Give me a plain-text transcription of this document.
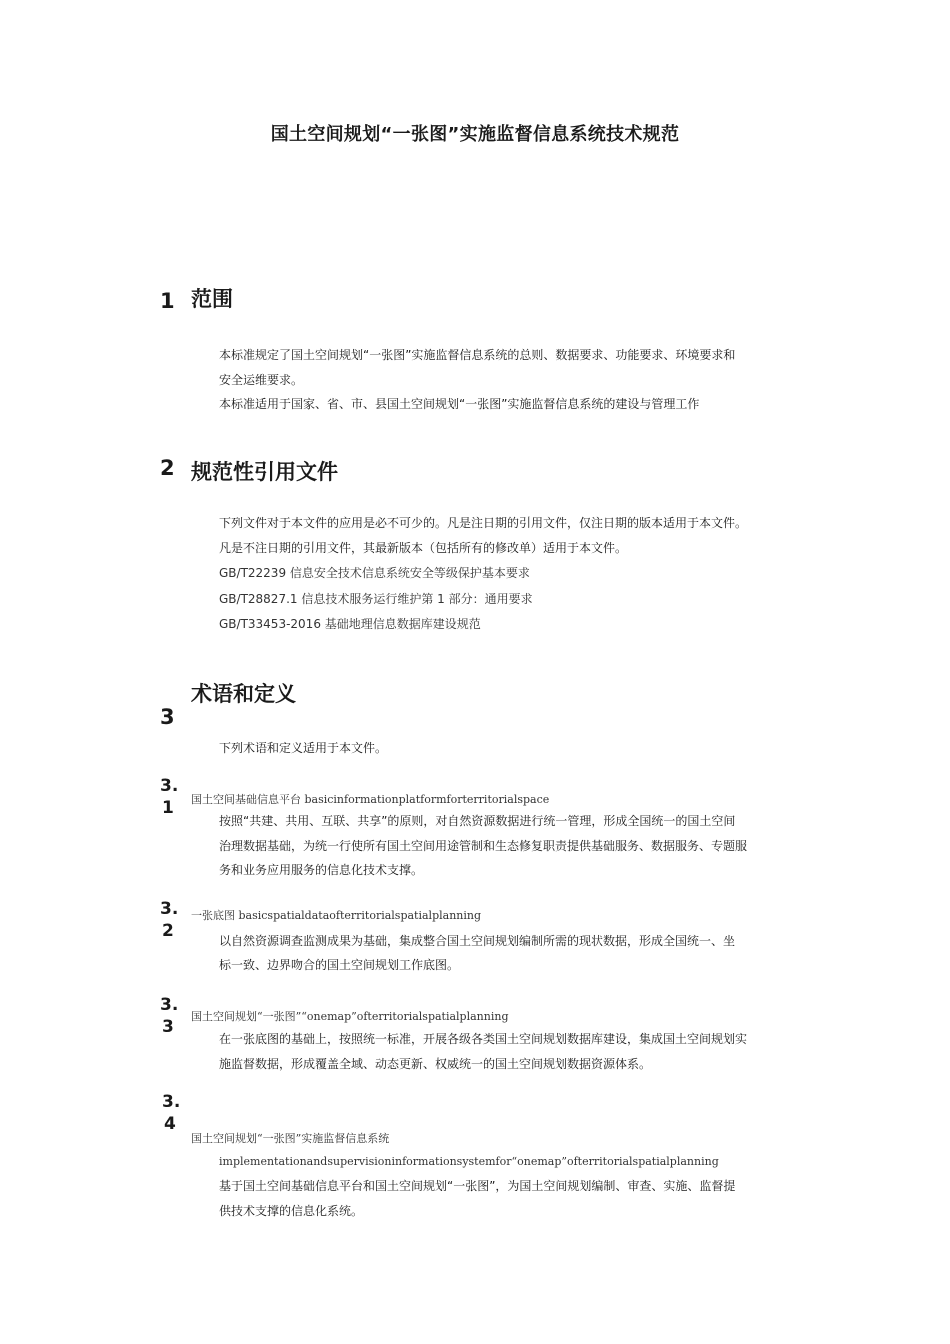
国土空间规划“一张图”实施监督信息系统技术规范
1 范围
本标准规定了国土空间规划“一张图”实施监督信息系统的总则、数据要求、功能要求、环境要求和
安全运维要求。
本标准适用于国家、省、市、县国土空间规划“一张图”实施监督信息系统的建设与管理工作
2 规范性引用文件
下列文件对于本文件的应用是必不可少的。凡是注日期的引用文件，仅注日期的版本适用于本文件。
凡是不注日期的引用文件，其最新版本（包括所有的修改单）适用于本文件。
GB/T22239 信息安全技术信息系统安全等级保护基本要求
GB/T28827.1 信息技术服务运行维护第 1 部分：通用要求
GB/T33453-2016 基础地理信息数据库建设规范
术语和定义
3
下列术语和定义适用于本文件。
3.
1	国土空间基础信息平台 basicinformationplatformforterritorialspace
按照“共建、共用、互联、共享”的原则，对自然资源数据进行统一管理，形成全国统一的国土空间
治理数据基础，为统一行使所有国土空间用途管制和生态修复职责提供基础服务、数据服务、专题服
务和业务应用服务的信息化技术支撑。
3.
2
一张底图 basicspatialdataofterritorialspatialplanning
以自然资源调查监测成果为基础，集成整合国土空间规划编制所需的现状数据，形成全国统一、坐
标一致、边界吻合的国土空间规划工作底图。
3.
3
国土空间规划“一张图”“onemap”ofterritorialspatialplanning
在一张底图的基础上，按照统一标准，开展各级各类国土空间规划数据库建设，集成国土空间规划实
施监督数据，形成覆盖全域、动态更新、权威统一的国土空间规划数据资源体系。
3.
4
国土空间规划“一张图”实施监督信息系统
implementationandsupervisioninformationsystemfor“onemap”ofterritorialspatialplanning
基于国土空间基础信息平台和国土空间规划“一张图”，为国土空间规划编制、审查、实施、监督提
供技术支撑的信息化系统。
